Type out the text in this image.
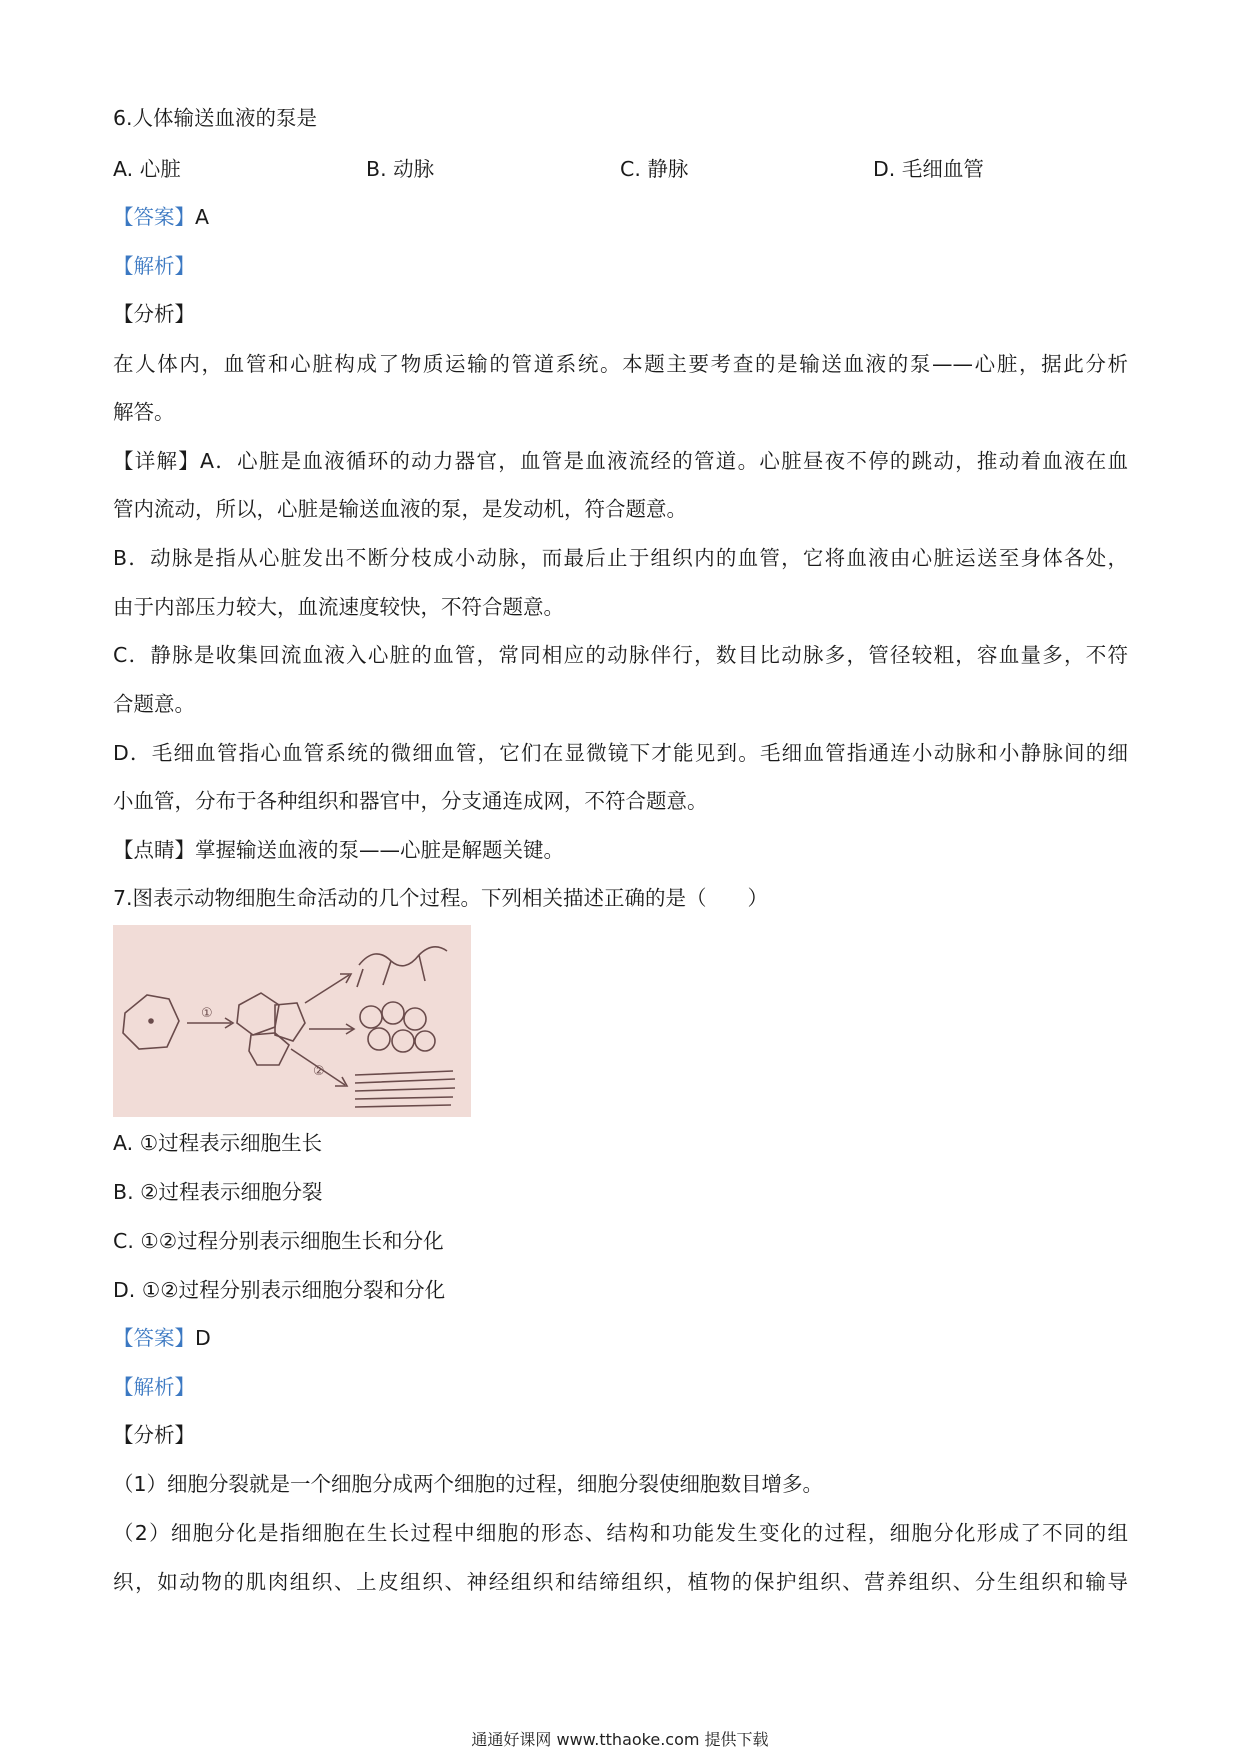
6.人体输送血液的泵是
A. 心脏	B. 动脉	C. 静脉	D. 毛细血管
【答案】A
【解析】
【分析】
在人体内，血管和心脏构成了物质运输的管道系统。本题主要考查的是输送血液的泵——心脏，据此分析
解答。
【详解】A．心脏是血液循环的动力器官，血管是血液流经的管道。心脏昼夜不停的跳动，推动着血液在血
管内流动，所以，心脏是输送血液的泵，是发动机，符合题意。
B．动脉是指从心脏发出不断分枝成小动脉，而最后止于组织内的血管，它将血液由心脏运送至身体各处，
由于内部压力较大，血流速度较快，不符合题意。
C．静脉是收集回流血液入心脏的血管，常同相应的动脉伴行，数目比动脉多，管径较粗，容血量多，不符
合题意。
D．毛细血管指心血管系统的微细血管，它们在显微镜下才能见到。毛细血管指通连小动脉和小静脉间的细
小血管，分布于各种组织和器官中，分支通连成网，不符合题意。
【点睛】掌握输送血液的泵——心脏是解题关键。
7.图表示动物细胞生命活动的几个过程。下列相关描述正确的是（　　）
①
②
A. ①过程表示细胞生长
B. ②过程表示细胞分裂
C. ①②过程分别表示细胞生长和分化
D. ①②过程分别表示细胞分裂和分化
【答案】D
【解析】
【分析】
（1）细胞分裂就是一个细胞分成两个细胞的过程，细胞分裂使细胞数目增多。
（2）细胞分化是指细胞在生长过程中细胞的形态、结构和功能发生变化的过程，细胞分化形成了不同的组
织，如动物的肌肉组织、上皮组织、神经组织和结缔组织，植物的保护组织、营养组织、分生组织和输导
通通好课网 www.tthaoke.com 提供下载
